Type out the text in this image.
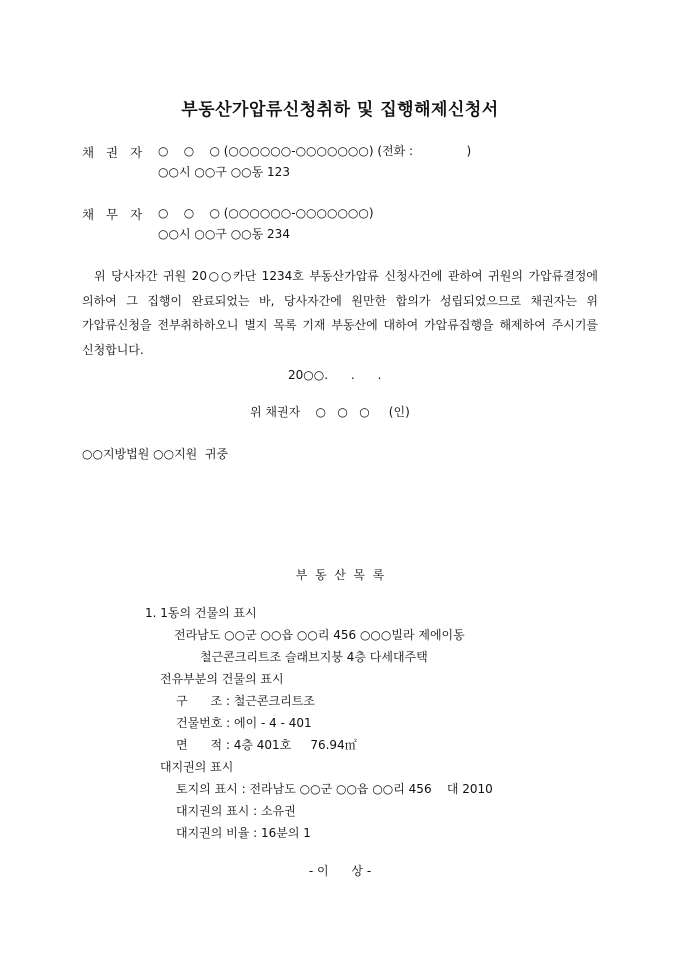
부동산가압류신청취하 및 집행해제신청서
채 권 자 ○    ○    ○ (○○○○○○-○○○○○○○) (전화 :              )
○○시 ○○구 ○○동 123
채 무 자 ○    ○    ○ (○○○○○○-○○○○○○○)
○○시 ○○구 ○○동 234
위 당사자간 귀원 20○○카단 1234호 부동산가압류 신청사건에 관하여 귀원의 가압류결정에 의하여 그 집행이 완료되었는 바, 당사자간에 원만한 합의가 성립되었으므로 채권자는 위 가압류신청을 전부취하하오니 별지 목록 기재 부동산에 대하여 가압류집행을 해제하여 주시기를 신청합니다.
20○○.      .      .
위 채권자    ○   ○   ○     (인)
○○지방법원 ○○지원  귀중
부  동  산  목  록
1. 1동의 건물의 표시
전라남도 ○○군 ○○읍 ○○리 456 ○○○빌라 제에이동
철근콘크리트조 슬래브지붕 4층 다세대주택
전유부분의 건물의 표시
구      조 : 철근콘크리트조
건물번호 : 에이 - 4 - 401
면      적 : 4층 401호     76.94㎡
대지권의 표시
토지의 표시 : 전라남도 ○○군 ○○읍 ○○리 456    대 2010
대지권의 표시 : 소유권
대지권의 비율 : 16분의 1
- 이      상 -
